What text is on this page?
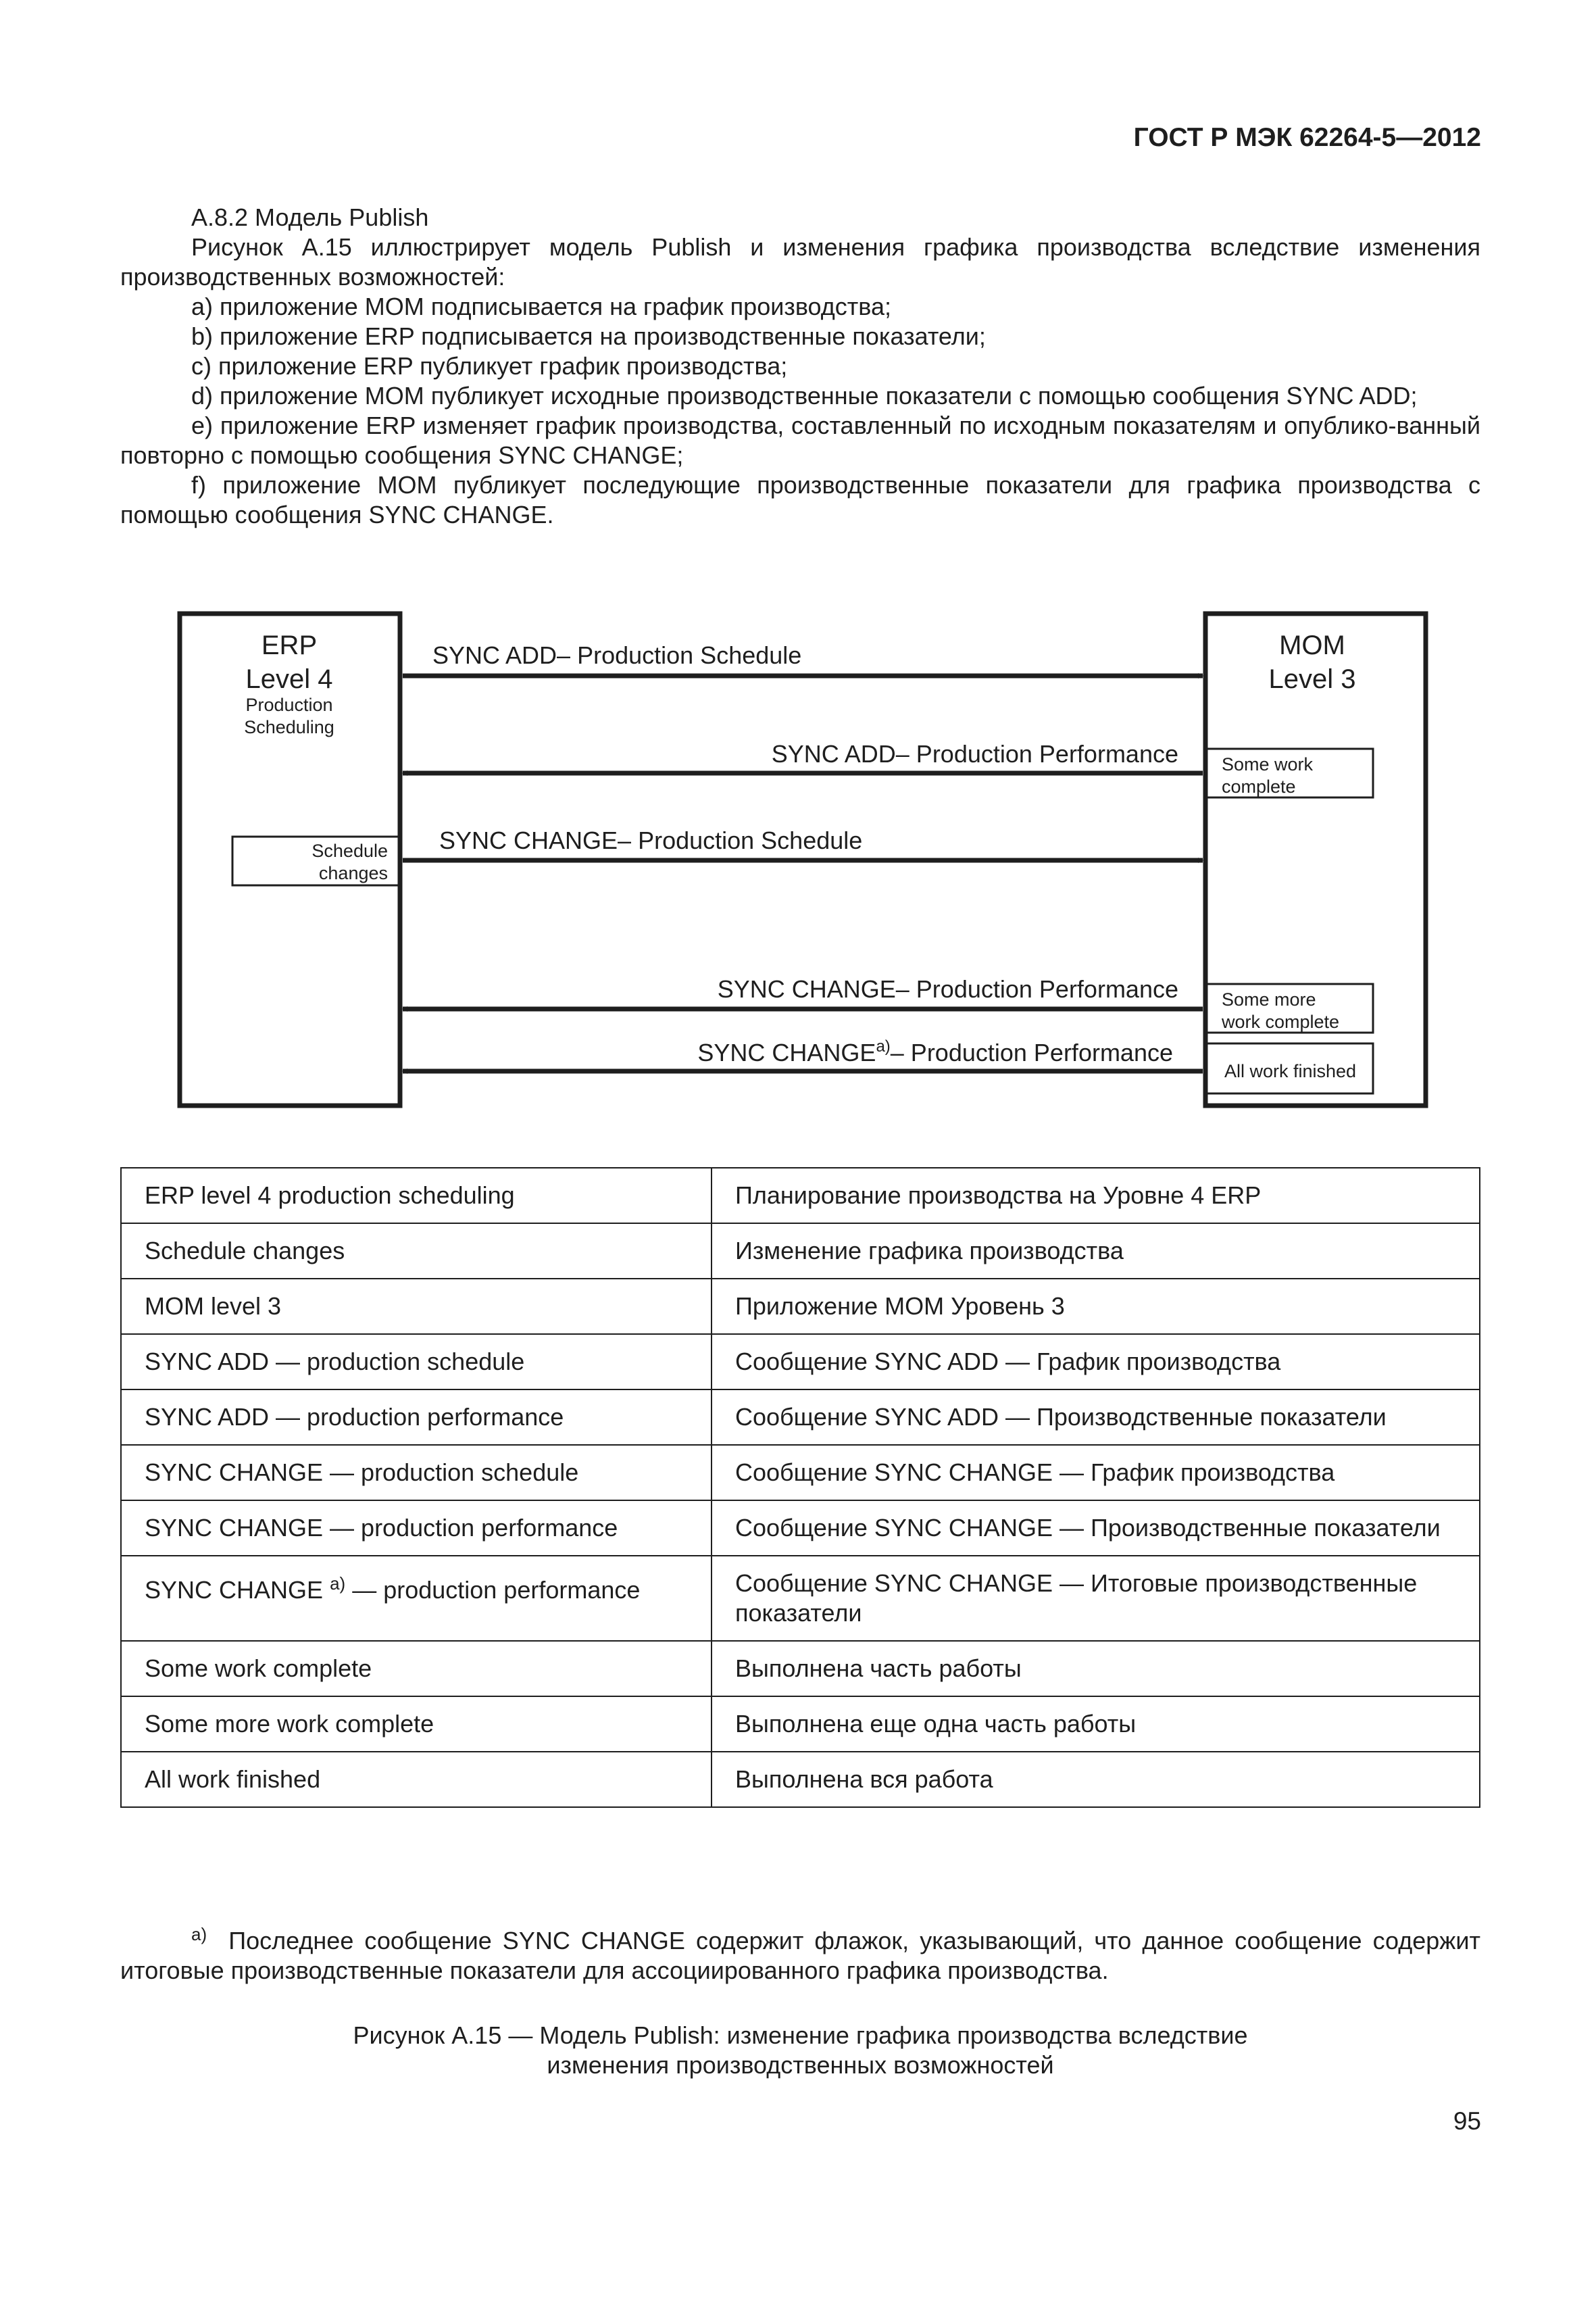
ГОСТ Р МЭК 62264-5—2012

А.8.2 Модель Publish

Рисунок А.15 иллюстрирует модель Publish и изменения графика производства вследствие изменения производственных возможностей:

а) приложение МОМ подписывается на график производства;

b) приложение ERP подписывается на производственные показатели;

с) приложение ERP публикует график производства;

d) приложение МОМ публикует исходные производственные показатели с помощью сообщения SYNC ADD;

е) приложение ERP изменяет график производства, составленный по исходным показателям и опублико-ванный повторно с помощью сообщения SYNC CHANGE;

f) приложение МОМ публикует последующие производственные показатели для графика производства с помощью сообщения SYNC CHANGE.

ERP
Level 4
Production
Scheduling
Schedule
changes
MOM
Level 3
Some work
complete
Some more
work complete
All work finished
SYNC ADD– Production Schedule
SYNC ADD– Production Performance
SYNC CHANGE– Production Schedule
SYNC CHANGE– Production Performance
SYNC CHANGE$^{a)}$– Production Performance
ERP level 4 production scheduling	Планирование производства на Уровне 4 ERP
Schedule changes	Изменение графика производства
MOM level 3	Приложение МОМ Уровень 3
SYNC ADD — production schedule	Сообщение SYNC ADD — График производства
SYNC ADD — production performance	Сообщение SYNC ADD — Производственные показатели
SYNC CHANGE — production schedule	Сообщение SYNC CHANGE — График производства
SYNC CHANGE — production performance	Сообщение SYNC CHANGE — Производственные показатели
SYNC CHANGE $^{a)}$ — production performance	Сообщение SYNC CHANGE — Итоговые производственные показатели
Some work complete	Выполнена часть работы
Some more work complete	Выполнена еще одна часть работы
All work finished	Выполнена вся работа
$^{a)}$ Последнее сообщение SYNC CHANGE содержит флажок, указывающий, что данное сообщение содержит итоговые производственные показатели для ассоциированного графика производства.
Рисунок А.15 — Модель Publish: изменение графика производства вследствие
изменения производственных возможностей
95
